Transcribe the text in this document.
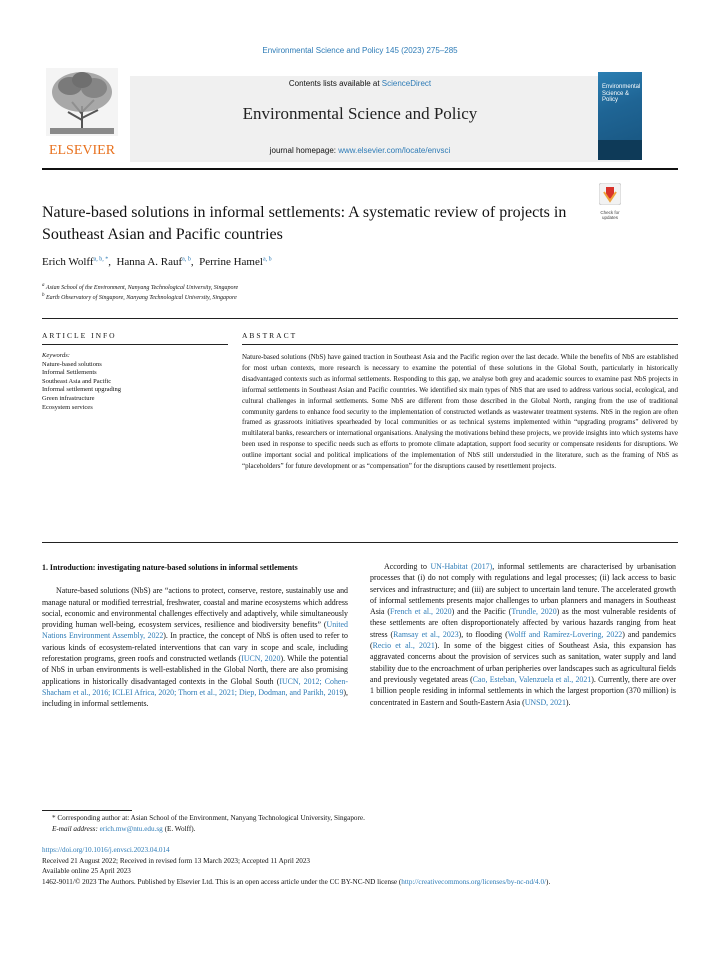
Environmental Science and Policy 145 (2023) 275–285
ELSEVIER
Contents lists available at ScienceDirect
Environmental Science and Policy
journal homepage: www.elsevier.com/locate/envsci
Environmental Science & Policy
Check for
updates
Nature-based solutions in informal settlements: A systematic review of projects in Southeast Asian and Pacific countries
Erich Wolff$^{a, b, *}$,  Hanna A. Rauf$^{a, b}$,  Perrine Hamel$^{a, b}$
$^a$ Asian School of the Environment, Nanyang Technological University, Singapore
$^b$ Earth Observatory of Singapore, Nanyang Technological University, Singapore
ARTICLE INFO	ABSTRACT
Keywords:
Nature-based solutions
Informal Settlements
Southeast Asia and Pacific
Informal settlement upgrading
Green infrastructure
Ecosystem services
Nature-based solutions (NbS) have gained traction in Southeast Asia and the Pacific region over the last decade. While the benefits of NbS are established for most urban contexts, more research is necessary to examine the potential of these solutions in the Global South, particularly in historically disadvantaged contexts such as informal settlements. Responding to this gap, we analyse both grey and academic sources to examine past NbS projects in informal settlements in Southeast Asian and Pacific countries. We identified six main types of NbS that are used to address various social, ecological, and cultural challenges in informal settlements. Some NbS are different from those described in the Global North, ranging from the use of traditional community gardens to enhance food security to the implementation of constructed wetlands as wastewater treatment systems. NbS in the region are often framed as grassroots initiatives spearheaded by local communities or as technical systems implemented within “upgrading programs” delivered by multilateral banks, researchers or international organisations. Analysing the motivations behind these projects, we provide insights into which systems have been used in response to specific needs such as efforts to promote climate adaptation, support food security or compensate residents for disruptions. We outline important social and political implications of the implementation of NbS still understudied in the literature, such as the framing of NbS as “placeholders” for future development or as “compensation” for the disruptions caused by resettlement projects.
1. Introduction: investigating nature-based solutions in informal settlements

Nature-based solutions (NbS) are “actions to protect, conserve, restore, sustainably use and manage natural or modified terrestrial, freshwater, coastal and marine ecosystems which address social, economic and environmental challenges effectively and adaptively, while simultaneously providing human well-being, ecosystem services, resilience and biodiversity benefits” (United Nations Environment Assembly, 2022). In practice, the concept of NbS is often used to refer to various kinds of ecosystem-related interventions that can vary in scope and scale, including reforestation programs, green roofs and constructed wetlands (IUCN, 2020). While the potential of NbS in urban environments is well-established in the Global North, there are also promising applications in historically disadvantaged contexts in the Global South (IUCN, 2012; Cohen-Shacham et al., 2016; ICLEI Africa, 2020; Thorn et al., 2021; Diep, Dodman, and Parikh, 2019), including in informal settlements.

According to UN-Habitat (2017), informal settlements are characterised by urbanisation processes that (i) do not comply with regulations and legal processes; (ii) lack access to basic services and infrastructure; and (iii) are subject to uncertain land tenure. The accelerated growth of informal settlements presents major challenges to urban planners and managers in Southeast Asia (French et al., 2020) and the Pacific (Trundle, 2020) as the most vulnerable residents of these settlements are often disproportionately affected by various hazards ranging from heat stress (Ramsay et al., 2023), to flooding (Wolff and Ramírez-Lovering, 2022) and pandemics (Recio et al., 2021). In some of the biggest cities of Southeast Asia, this expansion has aggravated concerns about the provision of services such as sanitation, water supply and land stability due to the encroachment of urban peripheries over landscapes such as agricultural fields and previously vegetated areas (Cao, Esteban, Valenzuela et al., 2021). Currently, there are over 1 billion people residing in informal settlements in which the largest proportion (370 million) is concentrated in Eastern and South-Eastern Asia (UNSD, 2021).

* Corresponding author at: Asian School of the Environment, Nanyang Technological University, Singapore.
E-mail address: erich.mw@ntu.edu.sg (E. Wolff).
https://doi.org/10.1016/j.envsci.2023.04.014
Received 21 August 2022; Received in revised form 13 March 2023; Accepted 11 April 2023
Available online 25 April 2023
1462-9011/© 2023 The Authors. Published by Elsevier Ltd. This is an open access article under the CC BY-NC-ND license (http://creativecommons.org/licenses/by-nc-nd/4.0/).
